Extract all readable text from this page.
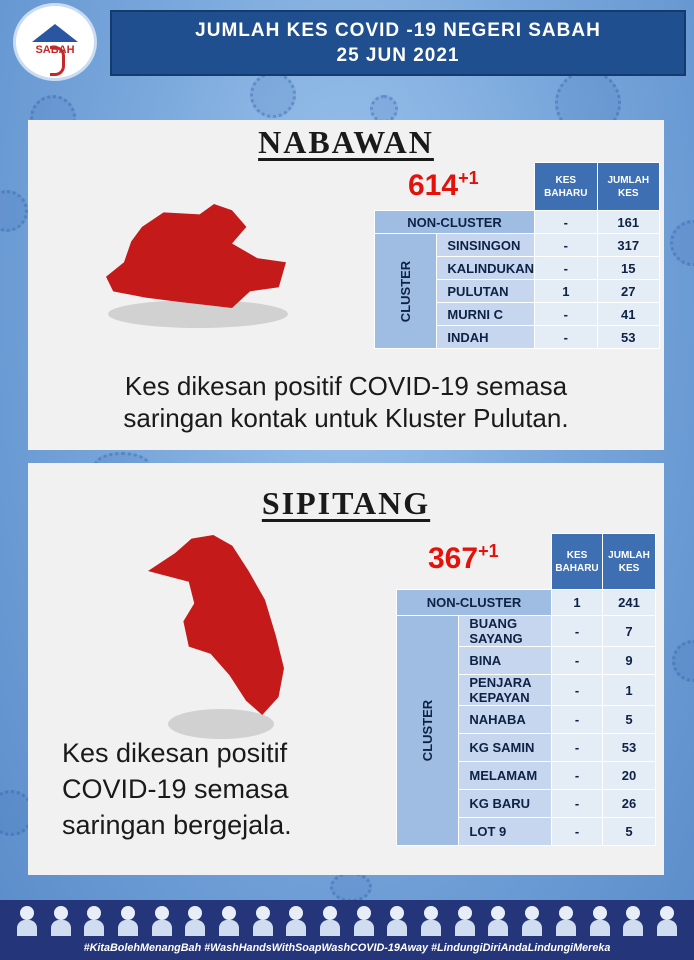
SABAH
JUMLAH KES COVID -19 NEGERI SABAH
25 JUN 2021
NABAWAN
$614^{+1}$
		KES BAHARU	JUMLAH KES
NON-CLUSTER		-	161
CLUSTER	SINSINGON	-	317
	KALINDUKAN	-	15
	PULUTAN	1	27
	MURNI C	-	41
	INDAH	-	53
Kes dikesan positif COVID-19 semasa
saringan kontak untuk Kluster Pulutan.
SIPITANG
$367^{+1}$
		KES BAHARU	JUMLAH KES
NON-CLUSTER		1	241
CLUSTER	BUANG SAYANG	-	7
	BINA	-	9
	PENJARA KEPAYAN	-	1
	NAHABA	-	5
	KG SAMIN	-	53
	MELAMAM	-	20
	KG BARU	-	26
	LOT 9	-	5
Kes dikesan positif
COVID-19 semasa
saringan bergejala.
#KitaBolehMenangBah #WashHandsWithSoapWashCOVID-19Away #LindungiDiriAndaLindungiMereka
